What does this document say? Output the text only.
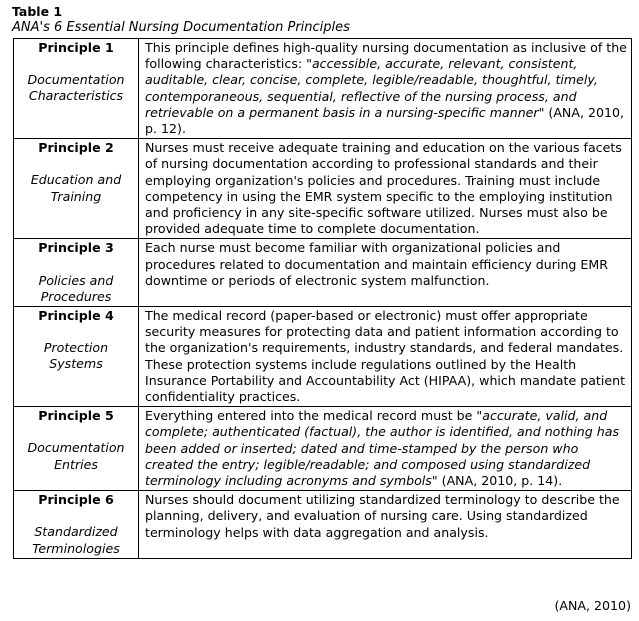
Table 1
ANA's 6 Essential Nursing Documentation Principles
Principle 1
Documentation Characteristics	This principle defines high-quality nursing documentation as inclusive of the following characteristics: "accessible, accurate, relevant, consistent, auditable, clear, concise, complete, legible/readable, thoughtful, timely, contemporaneous, sequential, reflective of the nursing process, and retrievable on a permanent basis in a nursing-specific manner" (ANA, 2010, p. 12).

Principle 2
Education and Training	Nurses must receive adequate training and education on the various facets of nursing documentation according to professional standards and their employing organization's policies and procedures. Training must include competency in using the EMR system specific to the employing institution and proficiency in any site-specific software utilized. Nurses must also be provided adequate time to complete documentation.

Principle 3
Policies and Procedures	Each nurse must become familiar with organizational policies and procedures related to documentation and maintain efficiency during EMR downtime or periods of electronic system malfunction.

Principle 4
Protection Systems	The medical record (paper-based or electronic) must offer appropriate security measures for protecting data and patient information according to the organization's requirements, industry standards, and federal mandates. These protection systems include regulations outlined by the Health Insurance Portability and Accountability Act (HIPAA), which mandate patient confidentiality practices.

Principle 5
Documentation Entries	Everything entered into the medical record must be "accurate, valid, and complete; authenticated (factual), the author is identified, and nothing has been added or inserted; dated and time-stamped by the person who created the entry; legible/readable; and composed using standardized terminology including acronyms and symbols" (ANA, 2010, p. 14).

Principle 6
Standardized Terminologies	Nurses should document utilizing standardized terminology to describe the planning, delivery, and evaluation of nursing care. Using standardized terminology helps with data aggregation and analysis.
(ANA, 2010)
